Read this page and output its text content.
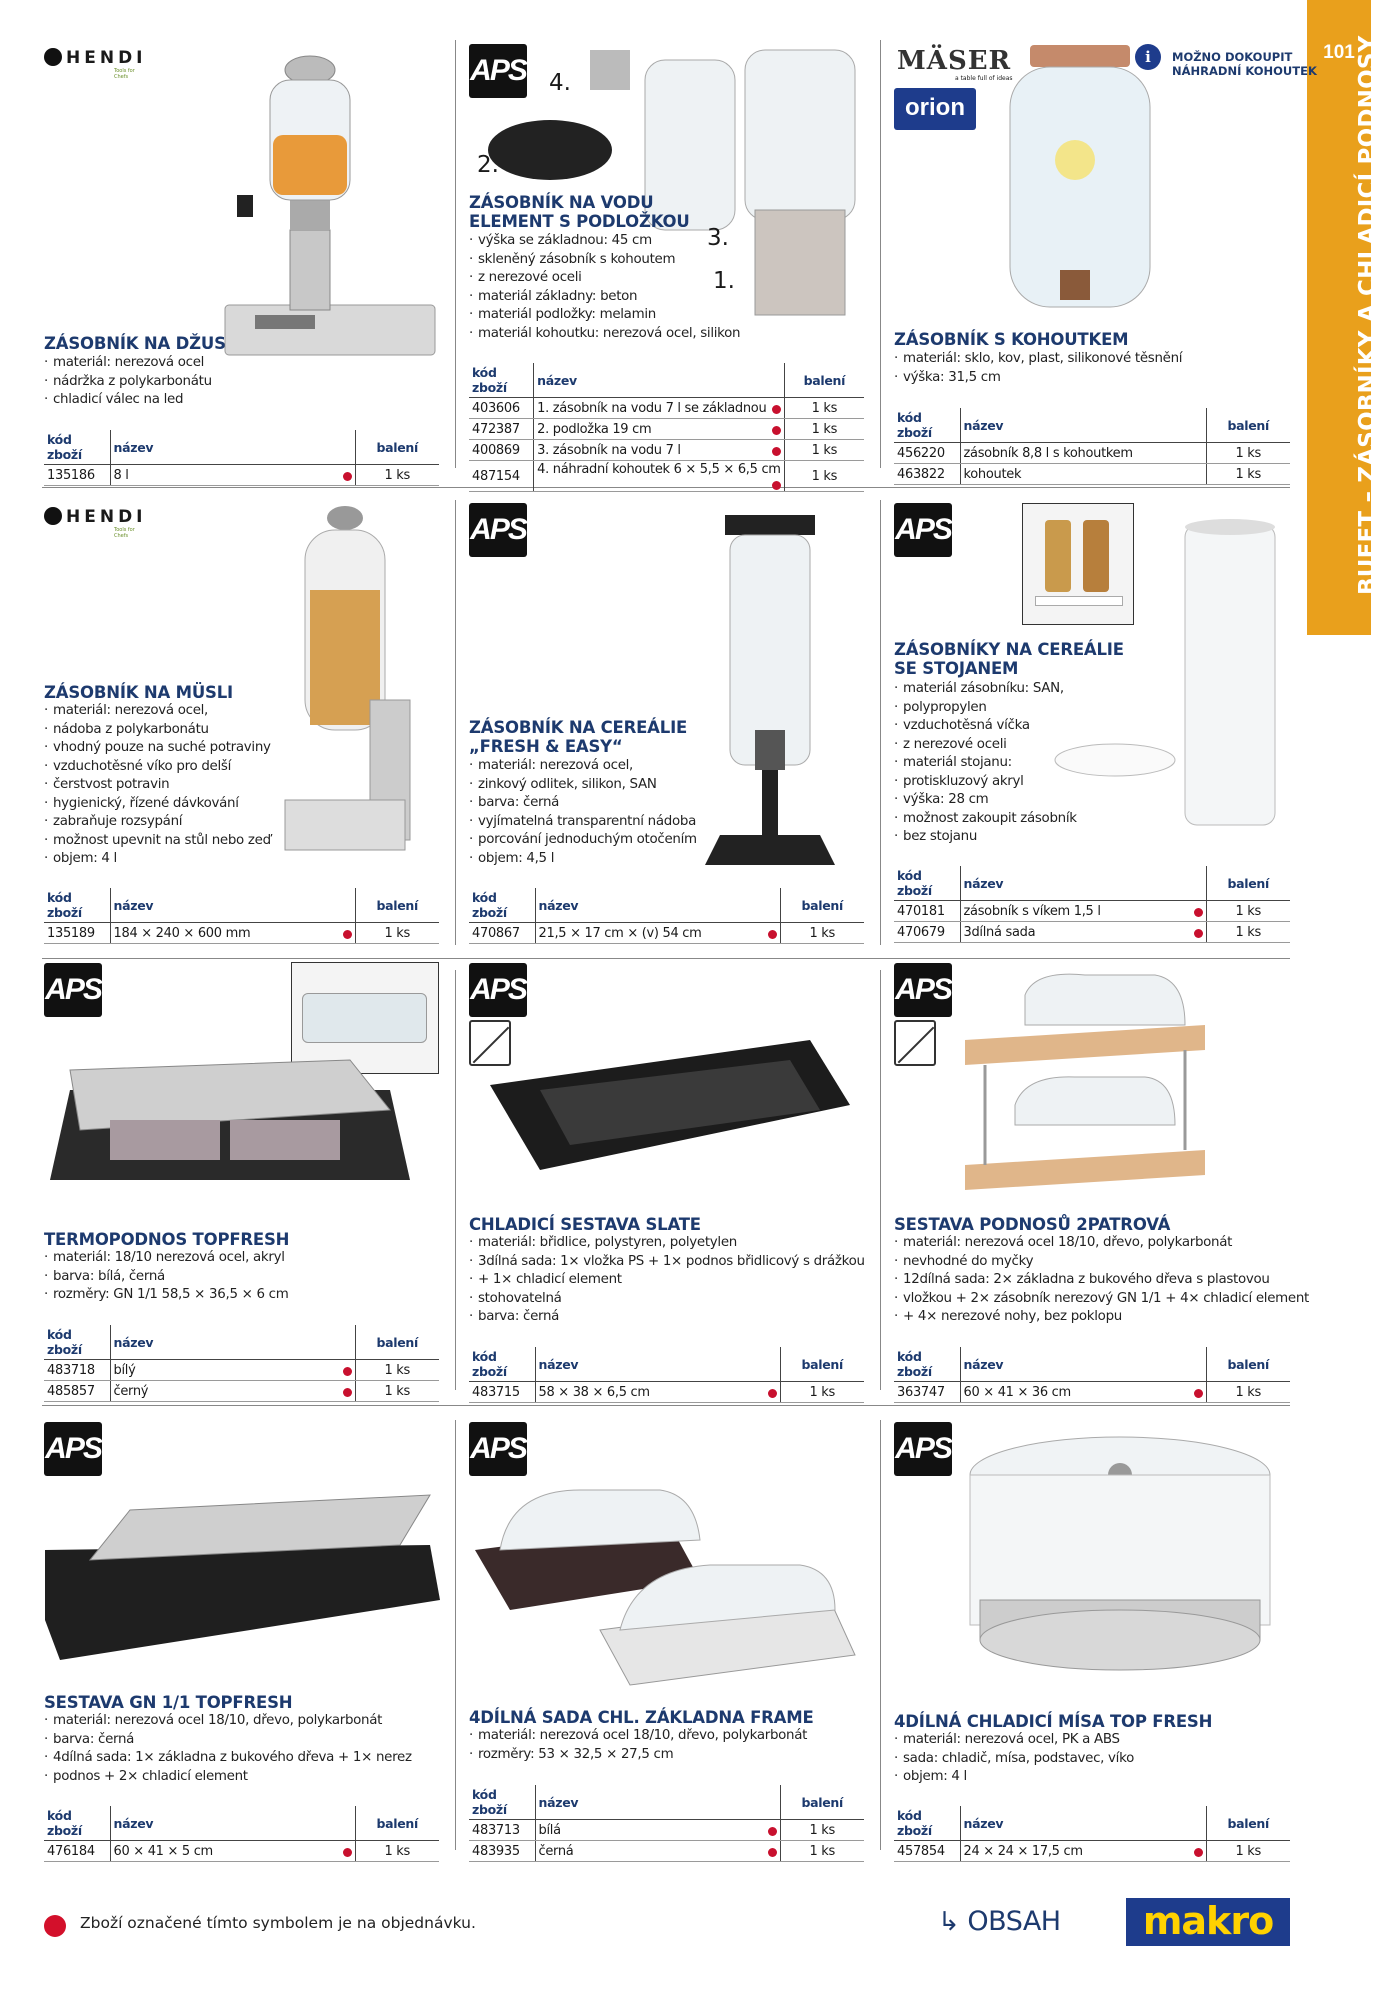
101 BUFET – ZÁSOBNÍKY A CHLADICÍ PODNOSY
HENDI
Tools for Chefs
ZÁSOBNÍK NA DŽUS
· materiál: nerezová ocel
· nádržka z polykarbonátu
· chladicí válec na led
kód zboží	název	balení
135186	8 l	1 ks
APS 4.
2.
3.
1.
ZÁSOBNÍK NA VODU
ELEMENT S PODLOŽKOU
· výška se základnou: 45 cm
· skleněný zásobník s kohoutem
· z nerezové oceli
· materiál základny: beton
· materiál podložky: melamin
· materiál kohoutku: nerezová ocel, silikon
kód zboží	název	balení
403606	1. zásobník na vodu 7 l se základnou	1 ks
472387	2. podložka 19 cm	1 ks
400869	3. zásobník na vodu 7 l	1 ks
487154	4. náhradní kohoutek 6 × 5,5 × 6,5 cm	1 ks
MÄSER
a table full of ideas
orion
i	MOŽNO DOKOUPIT
NÁHRADNÍ KOHOUTEK
ZÁSOBNÍK S KOHOUTKEM
· materiál: sklo, kov, plast, silikonové těsnění
· výška: 31,5 cm
kód zboží	název	balení
456220	zásobník 8,8 l s kohoutkem	1 ks
463822	kohoutek	1 ks
HENDI
Tools for Chefs
ZÁSOBNÍK NA MÜSLI
· materiál: nerezová ocel,
· nádoba z polykarbonátu
· vhodný pouze na suché potraviny
· vzduchotěsné víko pro delší
· čerstvost potravin
· hygienický, řízené dávkování
· zabraňuje rozsypání
· možnost upevnit na stůl nebo zeď
· objem: 4 l
kód zboží	název	balení
135189	184 × 240 × 600 mm	1 ks
APS
ZÁSOBNÍK NA CEREÁLIE
„FRESH & EASY“
· materiál: nerezová ocel,
· zinkový odlitek, silikon, SAN
· barva: černá
· vyjímatelná transparentní nádoba
· porcování jednoduchým otočením
· objem: 4,5 l
kód zboží	název	balení
470867	21,5 × 17 cm × (v) 54 cm	1 ks
APS
ZÁSOBNÍKY NA CEREÁLIE
SE STOJANEM
· materiál zásobníku: SAN,
· polypropylen
· vzduchotěsná víčka
· z nerezové oceli
· materiál stojanu:
· protiskluzový akryl
· výška: 28 cm
· možnost zakoupit zásobník
· bez stojanu
kód zboží	název	balení
470181	zásobník s víkem 1,5 l	1 ks
470679	3dílná sada	1 ks
APS
TERMOPODNOS TOPFRESH
· materiál: 18/10 nerezová ocel, akryl
· barva: bílá, černá
· rozměry: GN 1/1 58,5 × 36,5 × 6 cm
kód zboží	název	balení
483718	bílý	1 ks
485857	černý	1 ks
APS
CHLADICÍ SESTAVA SLATE
· materiál: břidlice, polystyren, polyetylen
· 3dílná sada: 1× vložka PS + 1× podnos břidlicový s drážkou
· + 1× chladicí element
· stohovatelná
· barva: černá
kód zboží	název	balení
483715	58 × 38 × 6,5 cm	1 ks
APS
SESTAVA PODNOSŮ 2PATROVÁ
· materiál: nerezová ocel 18/10, dřevo, polykarbonát
· nevhodné do myčky
· 12dílná sada: 2× základna z bukového dřeva s plastovou
· vložkou + 2× zásobník nerezový GN 1/1 + 4× chladicí element
· + 4× nerezové nohy, bez poklopu
kód zboží	název	balení
363747	60 × 41 × 36 cm	1 ks
APS
SESTAVA GN 1/1 TOPFRESH
· materiál: nerezová ocel 18/10, dřevo, polykarbonát
· barva: černá
· 4dílná sada: 1× základna z bukového dřeva + 1× nerez
· podnos + 2× chladicí element
kód zboží	název	balení
476184	60 × 41 × 5 cm	1 ks
APS
4DÍLNÁ SADA CHL. ZÁKLADNA FRAME
· materiál: nerezová ocel 18/10, dřevo, polykarbonát
· rozměry: 53 × 32,5 × 27,5 cm
kód zboží	název	balení
483713	bílá	1 ks
483935	černá	1 ks
APS
4DÍLNÁ CHLADICÍ MÍSA TOP FRESH
· materiál: nerezová ocel, PK a ABS
· sada: chladič, mísa, podstavec, víko
· objem: 4 l
kód zboží	název	balení
457854	24 × 24 × 17,5 cm	1 ks
Zboží označené tímto symbolem je na objednávku.	↳ OBSAH	makro
